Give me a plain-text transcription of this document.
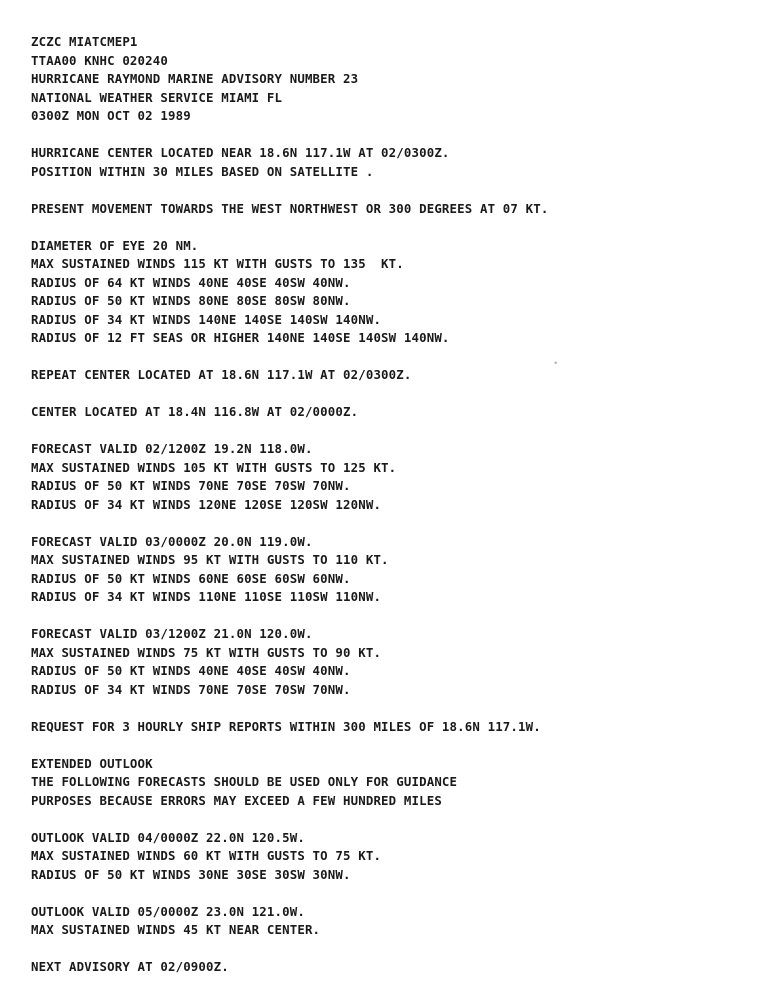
ZCZC MIATCMEP1
TTAA00 KNHC 020240
HURRICANE RAYMOND MARINE ADVISORY NUMBER 23
NATIONAL WEATHER SERVICE MIAMI FL
0300Z MON OCT 02 1989
HURRICANE CENTER LOCATED NEAR 18.6N 117.1W AT 02/0300Z.
POSITION WITHIN 30 MILES BASED ON SATELLITE .
PRESENT MOVEMENT TOWARDS THE WEST NORTHWEST OR 300 DEGREES AT 07 KT.
DIAMETER OF EYE 20 NM.
MAX SUSTAINED WINDS 115 KT WITH GUSTS TO 135  KT.
RADIUS OF 64 KT WINDS 40NE 40SE 40SW 40NW.
RADIUS OF 50 KT WINDS 80NE 80SE 80SW 80NW.
RADIUS OF 34 KT WINDS 140NE 140SE 140SW 140NW.
RADIUS OF 12 FT SEAS OR HIGHER 140NE 140SE 140SW 140NW.
REPEAT CENTER LOCATED AT 18.6N 117.1W AT 02/0300Z.
CENTER LOCATED AT 18.4N 116.8W AT 02/0000Z.
FORECAST VALID 02/1200Z 19.2N 118.0W.
MAX SUSTAINED WINDS 105 KT WITH GUSTS TO 125 KT.
RADIUS OF 50 KT WINDS 70NE 70SE 70SW 70NW.
RADIUS OF 34 KT WINDS 120NE 120SE 120SW 120NW.
FORECAST VALID 03/0000Z 20.0N 119.0W.
MAX SUSTAINED WINDS 95 KT WITH GUSTS TO 110 KT.
RADIUS OF 50 KT WINDS 60NE 60SE 60SW 60NW.
RADIUS OF 34 KT WINDS 110NE 110SE 110SW 110NW.
FORECAST VALID 03/1200Z 21.0N 120.0W.
MAX SUSTAINED WINDS 75 KT WITH GUSTS TO 90 KT.
RADIUS OF 50 KT WINDS 40NE 40SE 40SW 40NW.
RADIUS OF 34 KT WINDS 70NE 70SE 70SW 70NW.
REQUEST FOR 3 HOURLY SHIP REPORTS WITHIN 300 MILES OF 18.6N 117.1W.
EXTENDED OUTLOOK
THE FOLLOWING FORECASTS SHOULD BE USED ONLY FOR GUIDANCE
PURPOSES BECAUSE ERRORS MAY EXCEED A FEW HUNDRED MILES
OUTLOOK VALID 04/0000Z 22.0N 120.5W.
MAX SUSTAINED WINDS 60 KT WITH GUSTS TO 75 KT.
RADIUS OF 50 KT WINDS 30NE 30SE 30SW 30NW.
OUTLOOK VALID 05/0000Z 23.0N 121.0W.
MAX SUSTAINED WINDS 45 KT NEAR CENTER.
NEXT ADVISORY AT 02/0900Z.
•
